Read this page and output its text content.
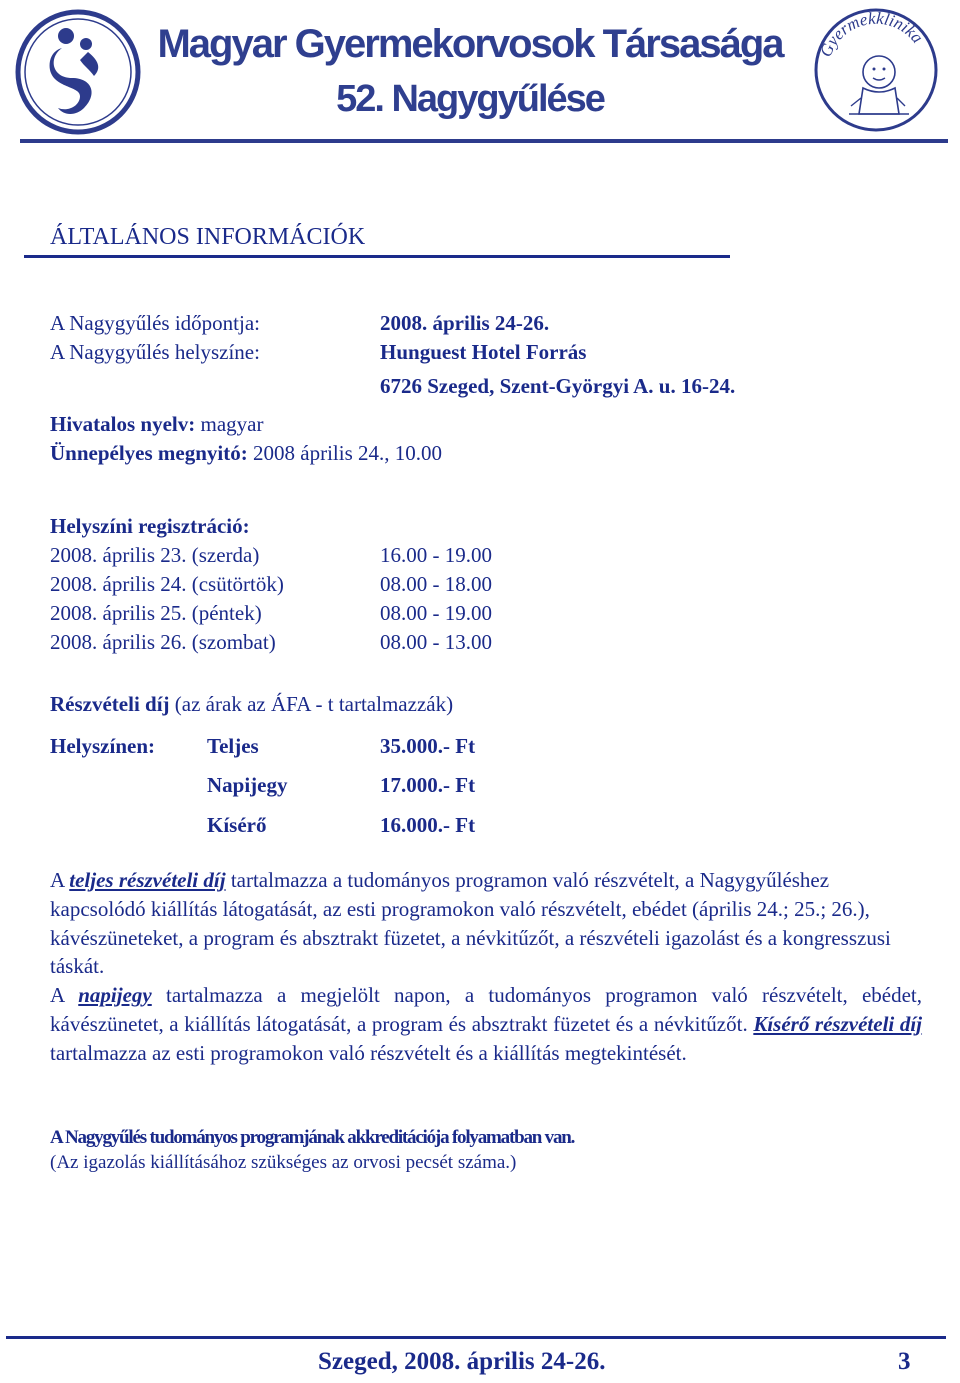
Magyar Gyermekorvosok Társasága
52. Nagygyűlése
Gyermekklinika
ÁLTALÁNOS INFORMÁCIÓK
A Nagygyűlés időpontja:	2008. április 24-26.
A Nagygyűlés helyszíne:	Hunguest Hotel Forrás
6726 Szeged, Szent-Györgyi A. u. 16-24.
Hivatalos nyelv: magyar
Ünnepélyes megnyitó: 2008 április 24., 10.00
Helyszíni regisztráció:
2008. április 23. (szerda)	16.00 - 19.00
2008. április 24. (csütörtök)	08.00 - 18.00
2008. április 25. (péntek)	08.00 - 19.00
2008. április 26. (szombat)	08.00 - 13.00
Részvételi díj (az árak az ÁFA - t tartalmazzák)
Helyszínen: Teljes	35.000.- Ft
Napijegy	17.000.- Ft
Kísérő	16.000.- Ft
A teljes részvételi díj tartalmazza a tudományos programon való részvételt, a Nagygyűléshez kapcsolódó kiállítás látogatását, az esti programokon való részvételt, ebédet (április 24.; 25.; 26.), kávészüneteket, a program és absztrakt füzetet, a névkitűzőt, a részvételi igazolást és a kongresszusi táskát.
A napijegy tartalmazza a megjelölt napon, a tudományos programon való részvételt, ebédet, kávészünetet, a kiállítás látogatását, a program és absztrakt füzetet és a névkitűzőt. Kísérő részvételi díj tartalmazza az esti programokon való részvételt és a kiállítás megtekintését.
A Nagygyűlés tudományos programjának akkreditációja folyamatban van.
(Az igazolás kiállításához szükséges az orvosi pecsét száma.)
Szeged, 2008. április 24-26.	3
